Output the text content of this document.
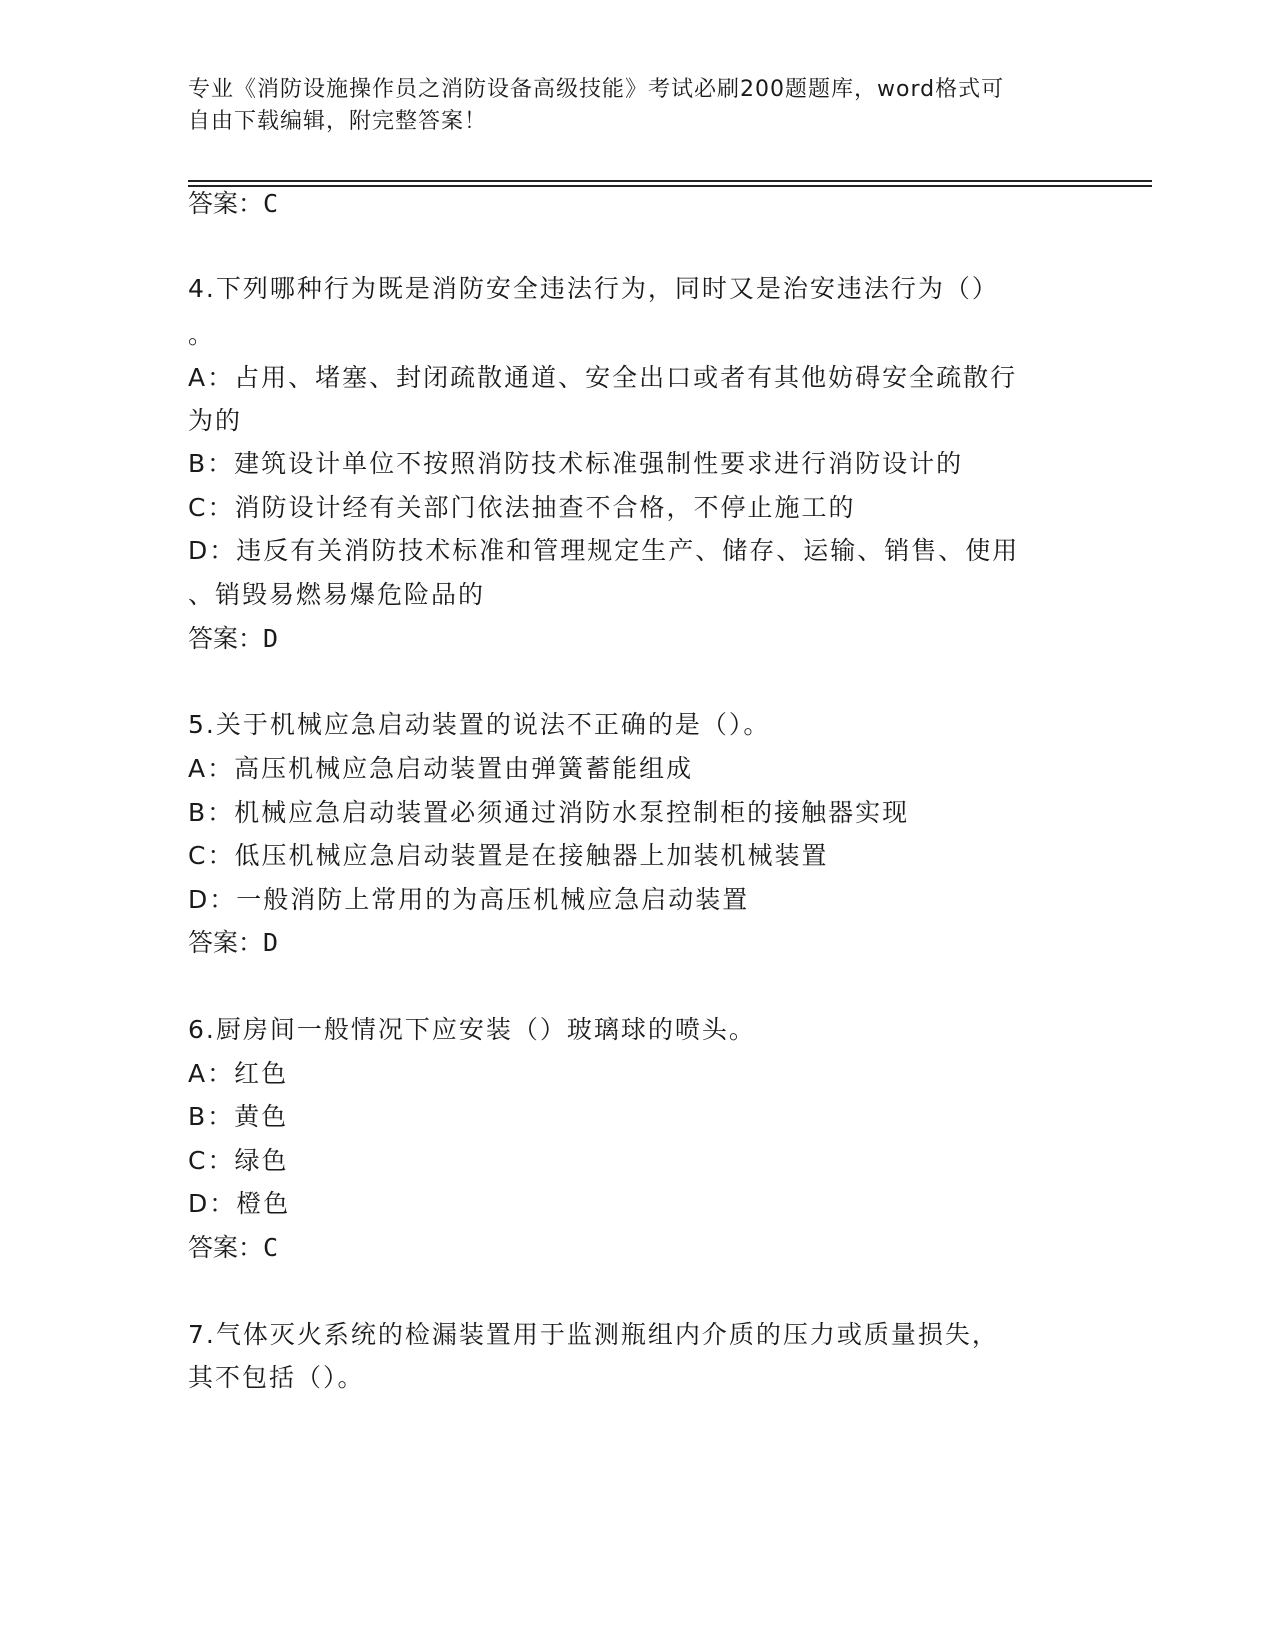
专业《消防设施操作员之消防设备高级技能》考试必刷200题题库，word格式可
自由下载编辑，附完整答案！
答案：C
4.下列哪种行为既是消防安全违法行为，同时又是治安违法行为（）
。
A：占用、堵塞、封闭疏散通道、安全出口或者有其他妨碍安全疏散行
为的
B：建筑设计单位不按照消防技术标准强制性要求进行消防设计的
C：消防设计经有关部门依法抽查不合格，不停止施工的
D：违反有关消防技术标准和管理规定生产、储存、运输、销售、使用
、销毁易燃易爆危险品的
答案：D
5.关于机械应急启动装置的说法不正确的是（）。
A：高压机械应急启动装置由弹簧蓄能组成
B：机械应急启动装置必须通过消防水泵控制柜的接触器实现
C：低压机械应急启动装置是在接触器上加装机械装置
D：一般消防上常用的为高压机械应急启动装置
答案：D
6.厨房间一般情况下应安装（）玻璃球的喷头。
A：红色
B：黄色
C：绿色
D：橙色
答案：C
7.气体灭火系统的检漏装置用于监测瓶组内介质的压力或质量损失，
其不包括（）。
